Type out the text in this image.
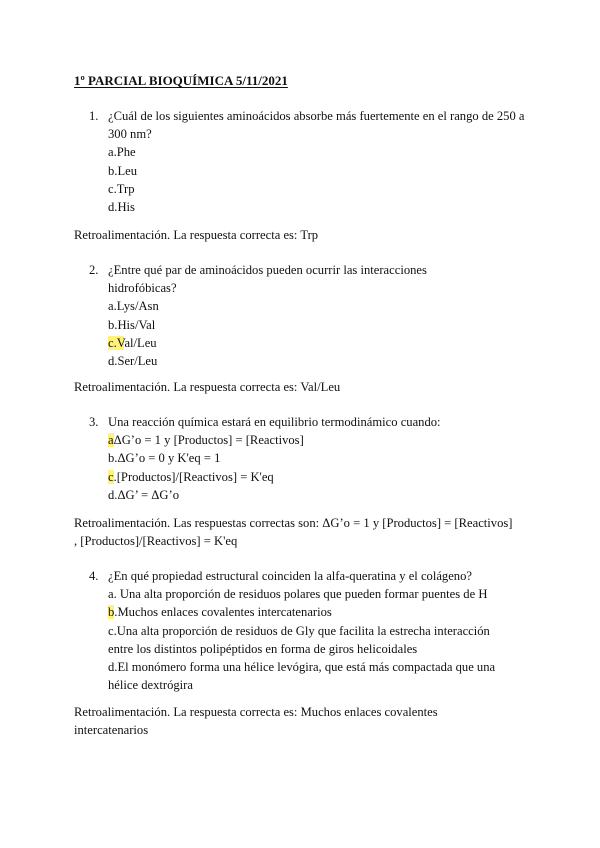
1º PARCIAL BIOQUÍMICA 5/11/2021
1. ¿Cuál de los siguientes aminoácidos absorbe más fuertemente en el rango de 250 a 300 nm?
a.Phe
b.Leu
c.Trp
d.His
Retroalimentación. La respuesta correcta es: Trp
2. ¿Entre qué par de aminoácidos pueden ocurrir las interacciones hidrofóbicas?
a.Lys/Asn
b.His/Val
c.Val/Leu
d.Ser/Leu
Retroalimentación. La respuesta correcta es: Val/Leu
3. Una reacción química estará en equilibrio termodinámico cuando:
aΔG’o = 1 y [Productos] = [Reactivos]
b.ΔG’o = 0 y K'eq = 1
c.[Productos]/[Reactivos] = K'eq
d.ΔG’ = ΔG’o
Retroalimentación. Las respuestas correctas son: ΔG’o = 1 y [Productos] = [Reactivos] , [Productos]/[Reactivos] = K'eq
4. ¿En qué propiedad estructural coinciden la alfa-queratina y el colágeno?
a. Una alta proporción de residuos polares que pueden formar puentes de H
b.Muchos enlaces covalentes intercatenarios
c.Una alta proporción de residuos de Gly que facilita la estrecha interacción entre los distintos polipéptidos en forma de giros helicoidales
d.El monómero forma una hélice levógira, que está más compactada que una hélice dextrógira
Retroalimentación. La respuesta correcta es: Muchos enlaces covalentes intercatenarios
